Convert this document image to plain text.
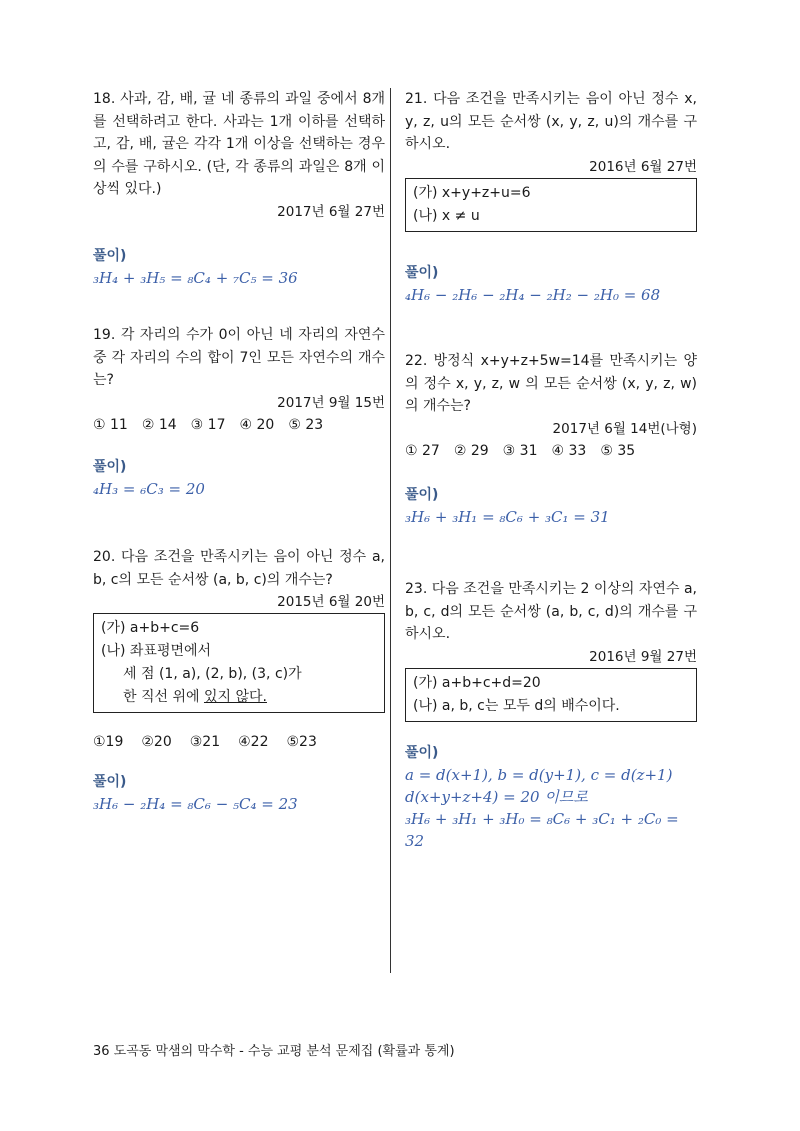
18. 사과, 감, 배, 귤 네 종류의 과일 중에서 8개를 선택하려고 한다. 사과는 1개 이하를 선택하고, 감, 배, 귤은 각각 1개 이상을 선택하는 경우의 수를 구하시오. (단, 각 종류의 과일은 8개 이상씩 있다.)
2017년 6월 27번
풀이)
₃H₄ + ₃H₅ = ₈C₄ + ₇C₅ = 36
19. 각 자리의 수가 0이 아닌 네 자리의 자연수 중 각 자리의 수의 합이 7인 모든 자연수의 개수는?
2017년 9월 15번
① 11 ② 14 ③ 17 ④ 20 ⑤ 23
풀이)
₄H₃ = ₆C₃ = 20
20. 다음 조건을 만족시키는 음이 아닌 정수 a, b, c의 모든 순서쌍 (a, b, c)의 개수는?
2015년 6월 20번
(가) a+b+c=6
(나) 좌표평면에서
세 점 (1, a), (2, b), (3, c)가
한 직선 위에 있지 않다.
①19 ②20 ③21 ④22 ⑤23
풀이)
₃H₆ − ₂H₄ = ₈C₆ − ₅C₄ = 23
21. 다음 조건을 만족시키는 음이 아닌 정수 x, y, z, u의 모든 순서쌍 (x, y, z, u)의 개수를 구하시오.
2016년 6월 27번
(가) x+y+z+u=6
(나) x ≠ u
풀이)
₄H₆ − ₂H₆ − ₂H₄ − ₂H₂ − ₂H₀ = 68
22. 방정식 x+y+z+5w=14를 만족시키는 양의 정수 x, y, z, w 의 모든 순서쌍 (x, y, z, w)의 개수는?
2017년 6월 14번(나형)
① 27 ② 29 ③ 31 ④ 33 ⑤ 35
풀이)
₃H₆ + ₃H₁ = ₈C₆ + ₃C₁ = 31
23. 다음 조건을 만족시키는 2 이상의 자연수 a, b, c, d의 모든 순서쌍 (a, b, c, d)의 개수를 구하시오.
2016년 9월 27번
(가) a+b+c+d=20
(나) a, b, c는 모두 d의 배수이다.
풀이)
a = d(x+1), b = d(y+1), c = d(z+1)
d(x+y+z+4) = 20 이므로
₃H₆ + ₃H₁ + ₃H₀ = ₈C₆ + ₃C₁ + ₂C₀ = 32
36 도곡동 막샘의 막수학 - 수능 교평 분석 문제집 (확률과 통계)
